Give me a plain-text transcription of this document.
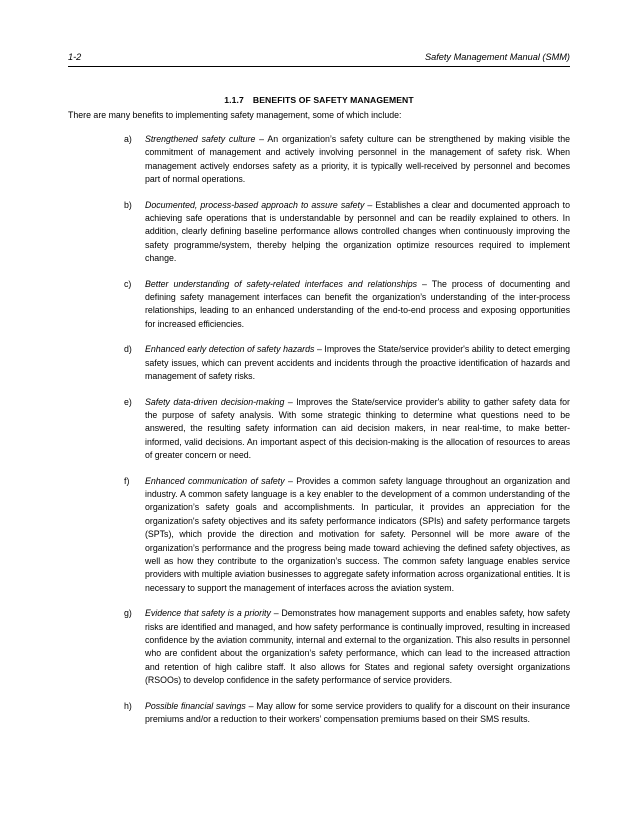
1-2	Safety Management Manual (SMM)
1.1.7 BENEFITS OF SAFETY MANAGEMENT
There are many benefits to implementing safety management, some of which include:
a) Strengthened safety culture – An organization’s safety culture can be strengthened by making visible the commitment of management and actively involving personnel in the management of safety risk. When management actively endorses safety as a priority, it is typically well-received by personnel and becomes part of normal operations.
b) Documented, process-based approach to assure safety – Establishes a clear and documented approach to achieving safe operations that is understandable by personnel and can be readily explained to others. In addition, clearly defining baseline performance allows controlled changes when continuously improving the safety programme/system, thereby helping the organization optimize resources required to implement change.
c) Better understanding of safety-related interfaces and relationships – The process of documenting and defining safety management interfaces can benefit the organization’s understanding of the inter-process relationships, leading to an enhanced understanding of the end-to-end process and exposing opportunities for increased efficiencies.
d) Enhanced early detection of safety hazards – Improves the State/service provider's ability to detect emerging safety issues, which can prevent accidents and incidents through the proactive identification of hazards and management of safety risks.
e) Safety data-driven decision-making – Improves the State/service provider's ability to gather safety data for the purpose of safety analysis. With some strategic thinking to determine what questions need to be answered, the resulting safety information can aid decision makers, in near real-time, to make better-informed, valid decisions. An important aspect of this decision-making is the allocation of resources to areas of greater concern or need.
f) Enhanced communication of safety – Provides a common safety language throughout an organization and industry. A common safety language is a key enabler to the development of a common understanding of the organization’s safety goals and accomplishments. In particular, it provides an appreciation for the organization's safety objectives and its safety performance indicators (SPIs) and safety performance targets (SPTs), which provide the direction and motivation for safety. Personnel will be more aware of the organization’s performance and the progress being made toward achieving the defined safety objectives, as well as how they contribute to the organization’s success. The common safety language enables service providers with multiple aviation businesses to aggregate safety information across organizational entities. It is necessary to support the management of interfaces across the aviation system.
g) Evidence that safety is a priority – Demonstrates how management supports and enables safety, how safety risks are identified and managed, and how safety performance is continually improved, resulting in increased confidence by the aviation community, internal and external to the organization. This also results in personnel who are confident about the organization’s safety performance, which can lead to the increased attraction and retention of high calibre staff. It also allows for States and regional safety oversight organizations (RSOOs) to develop confidence in the safety performance of service providers.
h) Possible financial savings – May allow for some service providers to qualify for a discount on their insurance premiums and/or a reduction to their workers’ compensation premiums based on their SMS results.
